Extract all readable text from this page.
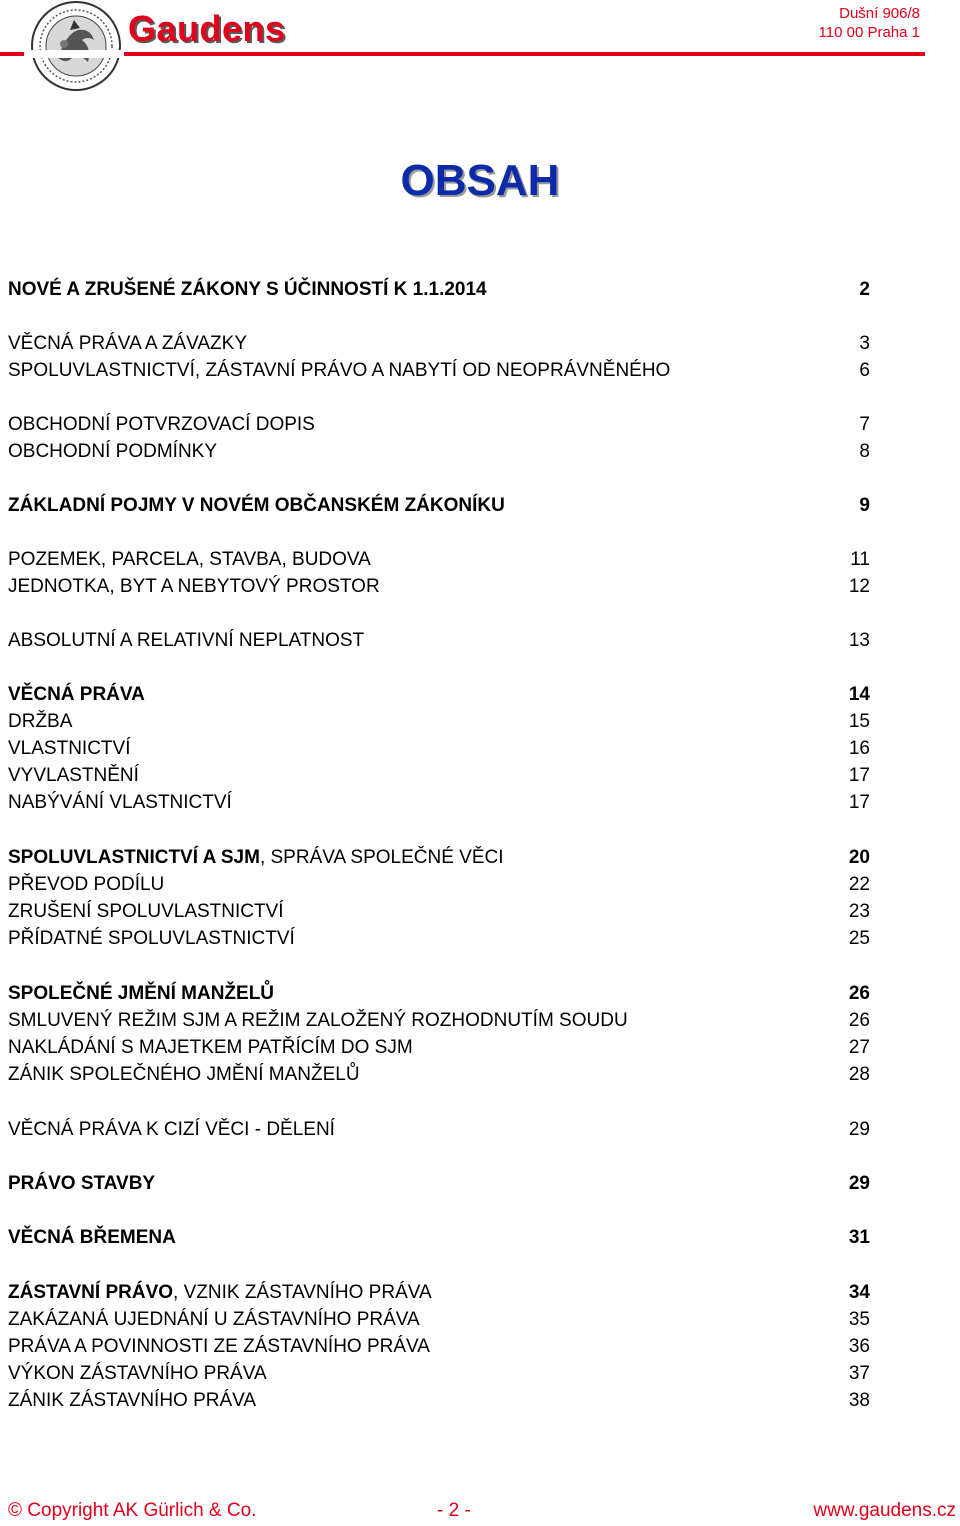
Gaudens	Dušní 906/8
110 00 Praha 1
OBSAH
NOVÉ A ZRUŠENÉ ZÁKONY S ÚČINNOSTÍ K 1.1.2014	2
VĚCNÁ PRÁVA A ZÁVAZKY	3
SPOLUVLASTNICTVÍ, ZÁSTAVNÍ PRÁVO A NABYTÍ OD NEOPRÁVNĚNÉHO	6
OBCHODNÍ POTVRZOVACÍ DOPIS	7
OBCHODNÍ PODMÍNKY	8
ZÁKLADNÍ POJMY V NOVÉM OBČANSKÉM ZÁKONÍKU	9
POZEMEK, PARCELA, STAVBA, BUDOVA	11
JEDNOTKA, BYT A NEBYTOVÝ PROSTOR	12
ABSOLUTNÍ A RELATIVNÍ NEPLATNOST	13
VĚCNÁ PRÁVA	14
DRŽBA	15
VLASTNICTVÍ	16
VYVLASTNĚNÍ	17
NABÝVÁNÍ VLASTNICTVÍ	17
SPOLUVLASTNICTVÍ A SJM, SPRÁVA SPOLEČNÉ VĚCI	20
PŘEVOD PODÍLU	22
ZRUŠENÍ SPOLUVLASTNICTVÍ	23
PŘÍDATNÉ SPOLUVLASTNICTVÍ	25
SPOLEČNÉ JMĚNÍ MANŽELŮ	26
SMLUVENÝ REŽIM SJM A REŽIM ZALOŽENÝ ROZHODNUTÍM SOUDU	26
NAKLÁDÁNÍ S MAJETKEM PATŘÍCÍM DO SJM	27
ZÁNIK SPOLEČNÉHO JMĚNÍ MANŽELŮ	28
VĚCNÁ PRÁVA K CIZÍ VĚCI - DĚLENÍ	29
PRÁVO STAVBY	29
VĚCNÁ BŘEMENA	31
ZÁSTAVNÍ PRÁVO, VZNIK ZÁSTAVNÍHO PRÁVA	34
ZAKÁZANÁ UJEDNÁNÍ U ZÁSTAVNÍHO PRÁVA	35
PRÁVA A POVINNOSTI ZE ZÁSTAVNÍHO PRÁVA	36
VÝKON ZÁSTAVNÍHO PRÁVA	37
ZÁNIK ZÁSTAVNÍHO PRÁVA	38
© Copyright AK Gürlich & Co.	- 2 -	www.gaudens.cz
